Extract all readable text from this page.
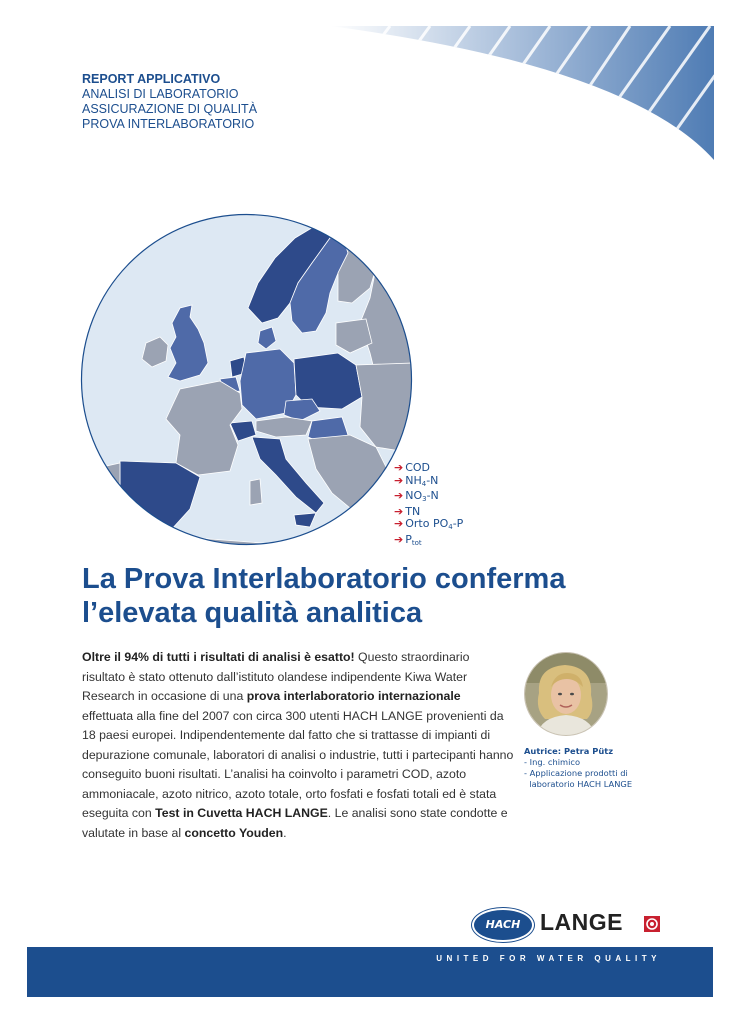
REPORT APPLICATIVO
ANALISI DI LABORATORIO
ASSICURAZIONE DI QUALITÀ
PROVA INTERLABORATORIO
➔ COD
➔ $NH_4-N$
➔ $NO_3-N$
➔ TN
➔ Orto $PO_4-P$
➔ $P_{tot}$
La Prova Interlaboratorio conferma
l’elevata qualità analitica
Oltre il 94% di tutti i risultati di analisi è esatto! Questo straordinario risultato è stato ottenuto dall’istituto olandese indipendente Kiwa Water Research in occasione di una prova interlaboratorio internazionale effettuata alla fine del 2007 con circa 300 utenti HACH LANGE provenienti da 18 paesi europei. Indipendentemente dal fatto che si trattasse di impianti di depurazione comunale, laboratori di analisi o industrie, tutti i partecipanti hanno conseguito buoni risultati. L’analisi ha coinvolto i parametri COD, azoto ammoniacale, azoto nitrico, azoto totale, orto fosfati e fosfati totali ed è stata eseguita con Test in Cuvetta HACH LANGE. Le analisi sono state condotte e valutate in base al concetto Youden.
Autrice: Petra Pütz
- Ing. chimico
- Applicazione prodotti di
laboratorio HACH LANGE
HACH LANGE
UNITED FOR WATER QUALITY
